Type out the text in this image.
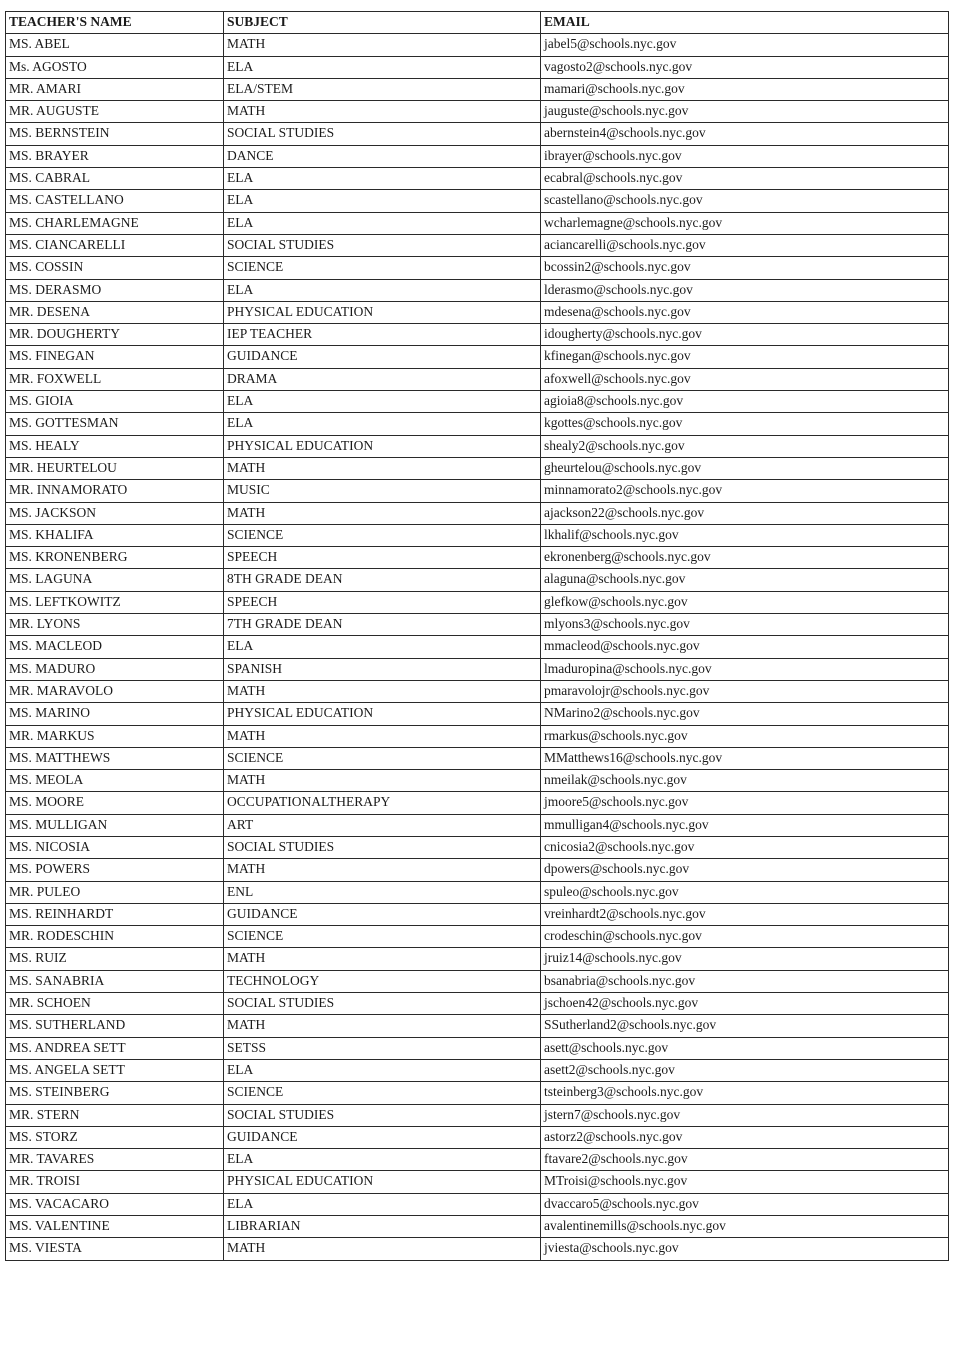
TEACHER'S NAME	SUBJECT	EMAIL
MS. ABEL	MATH	jabel5@schools.nyc.gov
Ms. AGOSTO	ELA	vagosto2@schools.nyc.gov
MR. AMARI	ELA/STEM	mamari@schools.nyc.gov
MR. AUGUSTE	MATH	jauguste@schools.nyc.gov
MS. BERNSTEIN	SOCIAL STUDIES	abernstein4@schools.nyc.gov
MS. BRAYER	DANCE	ibrayer@schools.nyc.gov
MS. CABRAL	ELA	ecabral@schools.nyc.gov
MS. CASTELLANO	ELA	scastellano@schools.nyc.gov
MS. CHARLEMAGNE	ELA	wcharlemagne@schools.nyc.gov
MS. CIANCARELLI	SOCIAL STUDIES	aciancarelli@schools.nyc.gov
MS. COSSIN	SCIENCE	bcossin2@schools.nyc.gov
MS. DERASMO	ELA	lderasmo@schools.nyc.gov
MR. DESENA	PHYSICAL EDUCATION	mdesena@schools.nyc.gov
MR. DOUGHERTY	IEP TEACHER	idougherty@schools.nyc.gov
MS. FINEGAN	GUIDANCE	kfinegan@schools.nyc.gov
MR. FOXWELL	DRAMA	afoxwell@schools.nyc.gov
MS. GIOIA	ELA	agioia8@schools.nyc.gov
MS. GOTTESMAN	ELA	kgottes@schools.nyc.gov
MS. HEALY	PHYSICAL EDUCATION	shealy2@schools.nyc.gov
MR. HEURTELOU	MATH	gheurtelou@schools.nyc.gov
MR. INNAMORATO	MUSIC	minnamorato2@schools.nyc.gov
MS. JACKSON	MATH	ajackson22@schools.nyc.gov
MS. KHALIFA	SCIENCE	lkhalif@schools.nyc.gov
MS. KRONENBERG	SPEECH	ekronenberg@schools.nyc.gov
MS. LAGUNA	8TH GRADE DEAN	alaguna@schools.nyc.gov
MS. LEFTKOWITZ	SPEECH	glefkow@schools.nyc.gov
MR. LYONS	7TH GRADE DEAN	mlyons3@schools.nyc.gov
MS. MACLEOD	ELA	mmacleod@schools.nyc.gov
MS. MADURO	SPANISH	lmaduropina@schools.nyc.gov
MR. MARAVOLO	MATH	pmaravolojr@schools.nyc.gov
MS. MARINO	PHYSICAL EDUCATION	NMarino2@schools.nyc.gov
MR. MARKUS	MATH	rmarkus@schools.nyc.gov
MS. MATTHEWS	SCIENCE	MMatthews16@schools.nyc.gov
MS. MEOLA	MATH	nmeilak@schools.nyc.gov
MS. MOORE	OCCUPATIONALTHERAPY	jmoore5@schools.nyc.gov
MS. MULLIGAN	ART	mmulligan4@schools.nyc.gov
MS. NICOSIA	SOCIAL STUDIES	cnicosia2@schools.nyc.gov
MS. POWERS	MATH	dpowers@schools.nyc.gov
MR. PULEO	ENL	spuleo@schools.nyc.gov
MS. REINHARDT	GUIDANCE	vreinhardt2@schools.nyc.gov
MR. RODESCHIN	SCIENCE	crodeschin@schools.nyc.gov
MS. RUIZ	MATH	jruiz14@schools.nyc.gov
MS. SANABRIA	TECHNOLOGY	bsanabria@schools.nyc.gov
MR. SCHOEN	SOCIAL STUDIES	jschoen42@schools.nyc.gov
MS. SUTHERLAND	MATH	SSutherland2@schools.nyc.gov
MS. ANDREA SETT	SETSS	asett@schools.nyc.gov
MS. ANGELA SETT	ELA	asett2@schools.nyc.gov
MS. STEINBERG	SCIENCE	tsteinberg3@schools.nyc.gov
MR. STERN	SOCIAL STUDIES	jstern7@schools.nyc.gov
MS. STORZ	GUIDANCE	astorz2@schools.nyc.gov
MR. TAVARES	ELA	ftavare2@schools.nyc.gov
MR. TROISI	PHYSICAL EDUCATION	MTroisi@schools.nyc.gov
MS. VACACARO	ELA	dvaccaro5@schools.nyc.gov
MS. VALENTINE	LIBRARIAN	avalentinemills@schools.nyc.gov
MS. VIESTA	MATH	jviesta@schools.nyc.gov
